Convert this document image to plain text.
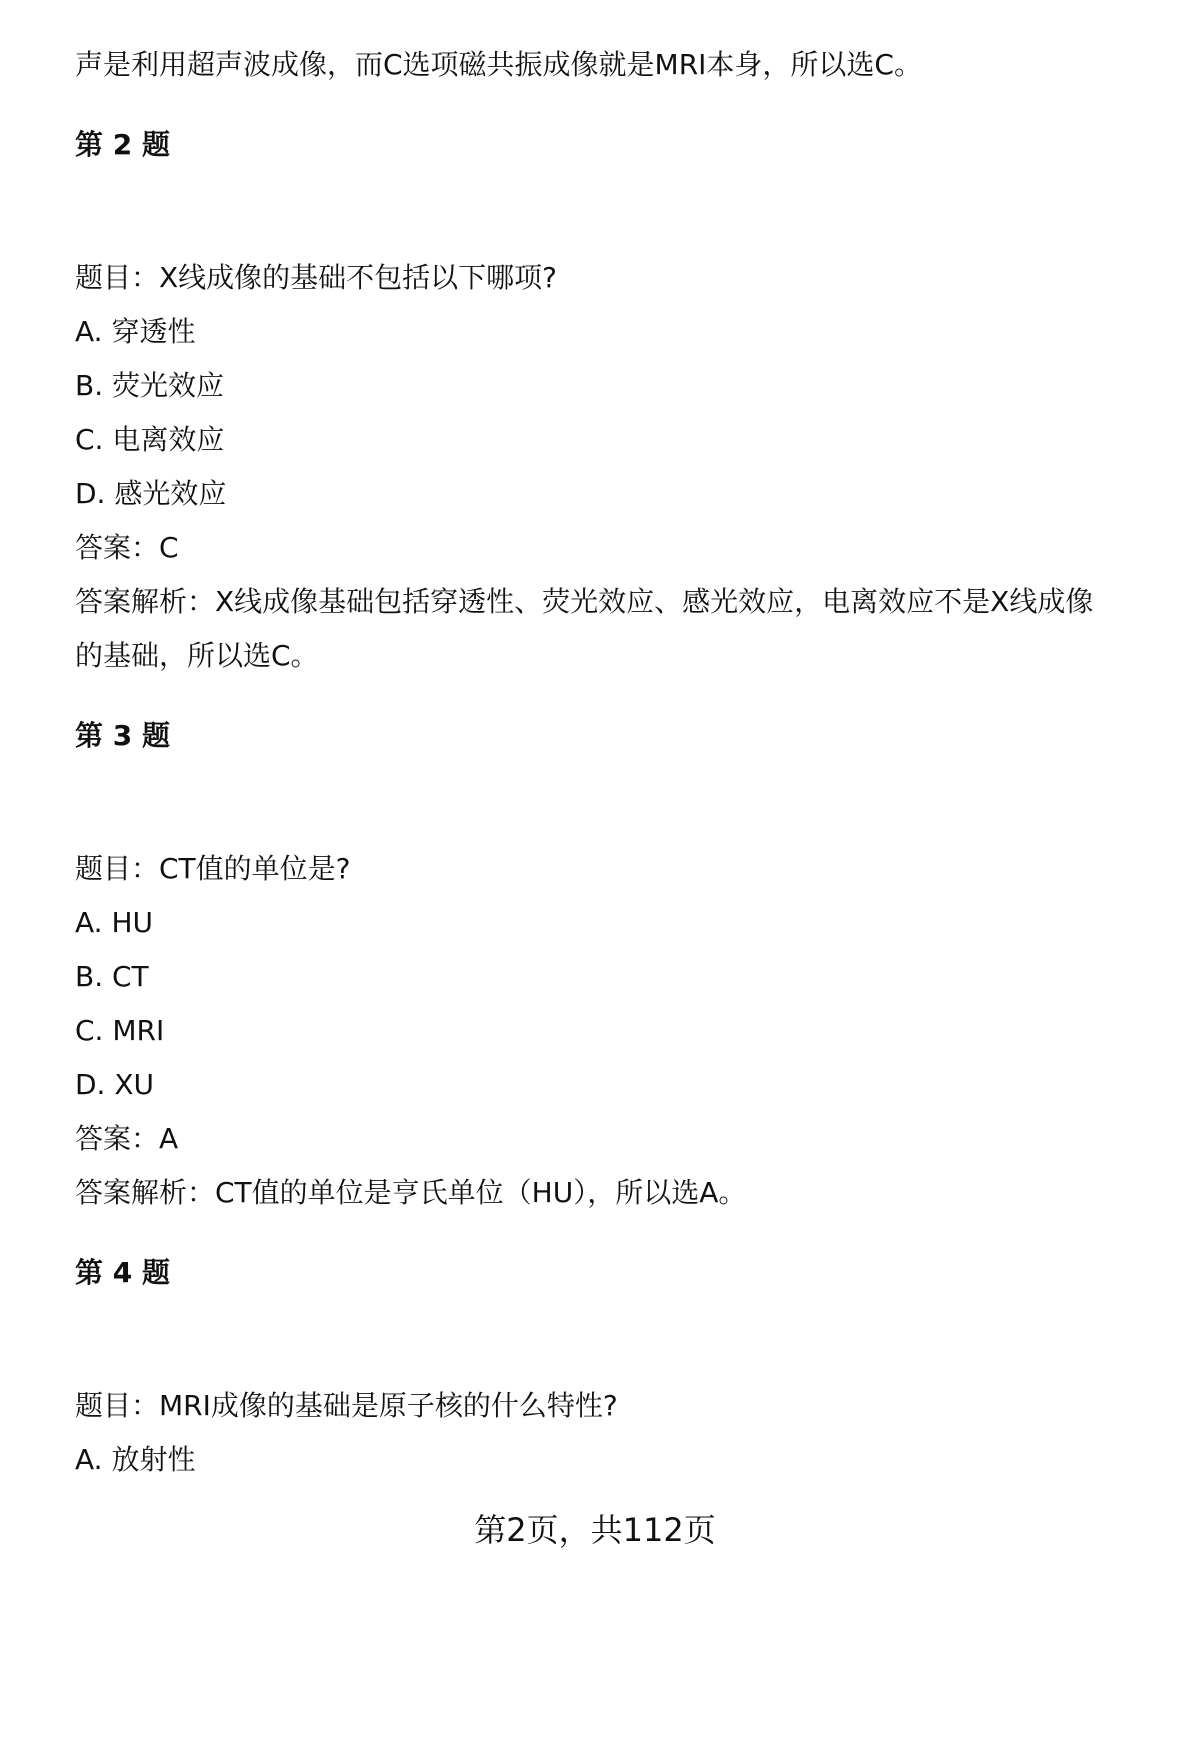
声是利用超声波成像，而C选项磁共振成像就是MRI本身，所以选C。
第 2 题
题目：X线成像的基础不包括以下哪项?
A. 穿透性
B. 荧光效应
C. 电离效应
D. 感光效应
答案：C
答案解析：X线成像基础包括穿透性、荧光效应、感光效应，电离效应不是X线成像
的基础，所以选C。
第 3 题
题目：CT值的单位是?
A. HU
B. CT
C. MRI
D. XU
答案：A
答案解析：CT值的单位是亨氏单位（HU），所以选A。
第 4 题
题目：MRI成像的基础是原子核的什么特性?
A. 放射性
第2页，共112页
